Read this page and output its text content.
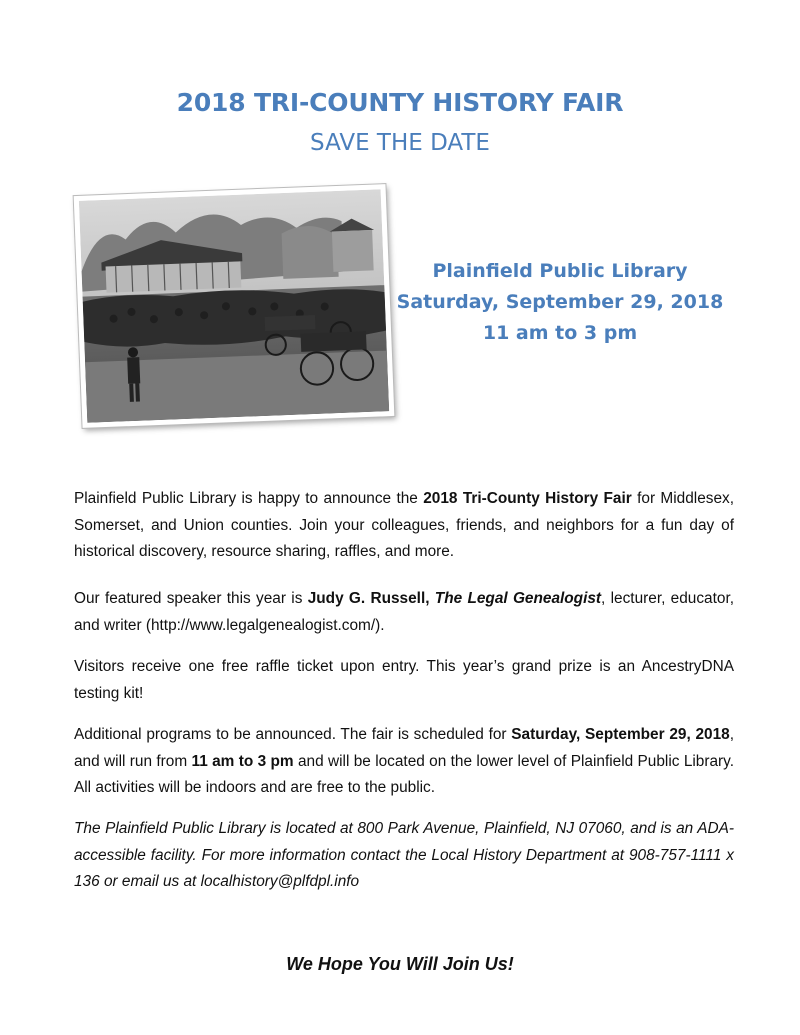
2018 TRI-COUNTY HISTORY FAIR
SAVE THE DATE
Plainfield Public Library
Saturday, September 29, 2018
11 am to 3 pm
Plainfield Public Library is happy to announce the 2018 Tri-County History Fair for Middlesex, Somerset, and Union counties. Join your colleagues, friends, and neighbors for a fun day of historical discovery, resource sharing, raffles, and more.
Our featured speaker this year is Judy G. Russell, The Legal Genealogist, lecturer, educator, and writer (http://www.legalgenealogist.com/).
Visitors receive one free raffle ticket upon entry. This year’s grand prize is an AncestryDNA testing kit!
Additional programs to be announced. The fair is scheduled for Saturday, September 29, 2018, and will run from 11 am to 3 pm and will be located on the lower level of Plainfield Public Library. All activities will be indoors and are free to the public.
The Plainfield Public Library is located at 800 Park Avenue, Plainfield, NJ 07060, and is an ADA-accessible facility. For more information contact the Local History Department at 908-757-1111 x 136 or email us at localhistory@plfdpl.info
We Hope You Will Join Us!
